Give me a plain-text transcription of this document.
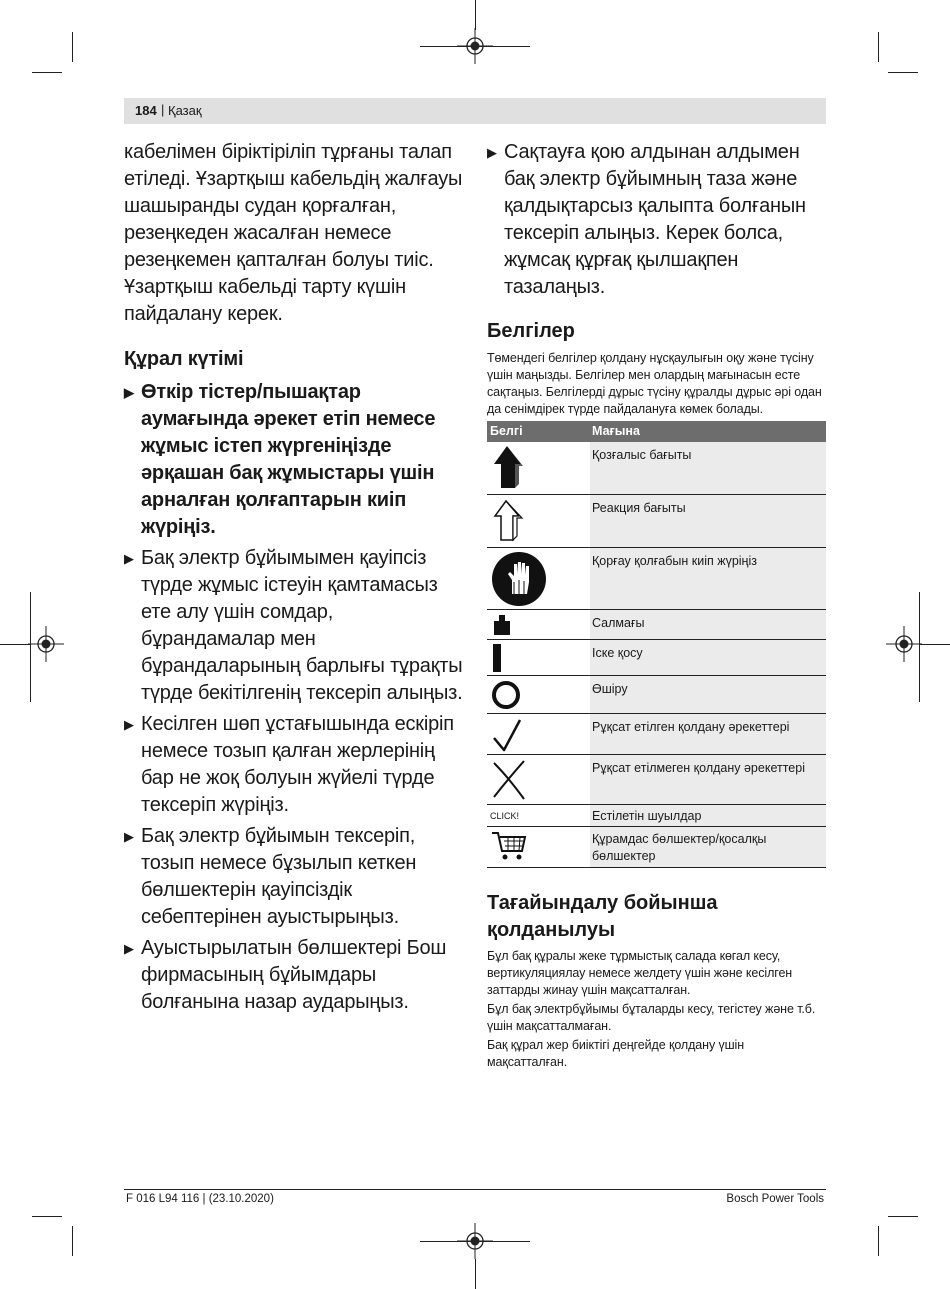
184 | Қазақ
кабелімен біріктіріліп тұрғаны талап етіледі. Ұзартқыш кабельдің жалғауы шашыранды судан қорғалған, резеңкеден жасалған немесе резеңкемен қапталған болуы тиіс. Ұзартқыш кабельді тарту күшін пайдалану керек.
Құрал күтімі
▶ Өткір тістер/пышақтар аумағында әрекет етіп немесе жұмыс істеп жүргеніңізде әрқашан бақ жұмыстары үшін арналған қолғаптарын киіп жүріңіз.
▶ Бақ электр бұйымымен қауіпсіз түрде жұмыс істеуін қамтамасыз ете алу үшін сомдар, бұрандамалар мен бұрандаларының барлығы тұрақты түрде бекітілгенің тексеріп алыңыз.
▶ Кесілген шөп ұстағышында ескіріп немесе тозып қалған жерлерінің бар не жоқ болуын жүйелі түрде тексеріп жүріңіз.
▶ Бақ электр бұйымын тексеріп, тозып немесе бұзылып кеткен бөлшектерін қауіпсіздік себептерінен ауыстырыңыз.
▶ Ауыстырылатын бөлшектері Бош фирмасының бұйымдары болғанына назар аударыңыз.
▶ Сақтауға қою алдынан алдымен бақ электр бұйымның таза және қалдықтарсыз қалыпта болғанын тексеріп алыңыз. Керек болса, жұмсақ құрғақ қылшақпен тазалаңыз.
Белгілер
Төмендегі белгілер қолдану нұсқаулығын оқу және түсіну үшін маңызды. Белгілер мен олардың мағынасын есте сақтаңыз. Белгілерді дұрыс түсіну құралды дұрыс әрі одан да сенімдірек түрде пайдалануға көмек болады.
Белгі	Мағына
Қозғалыс бағыты
Реакция бағыты
Қорғау қолғабын киіп жүріңіз
Салмағы
Іске қосу
Өшіру
Рұқсат етілген қолдану әрекеттері
Рұқсат етілмеген қолдану әрекеттері
CLICK!	Естілетін шуылдар
Құрамдас бөлшектер/қосалқы бөлшектер
Тағайындалу бойынша қолданылуы
Бұл бақ құралы жеке тұрмыстық салада көгал кесу, вертикуляциялау немесе желдету үшін және кесілген заттарды жинау үшін мақсатталған.
Бұл бақ электрбұйымы бұталарды кесу, тегістеу және т.б. үшін мақсатталмаған.
Бақ құрал жер биіктігі деңгейде қолдану үшін мақсатталған.
F 016 L94 116 | (23.10.2020)	Bosch Power Tools
